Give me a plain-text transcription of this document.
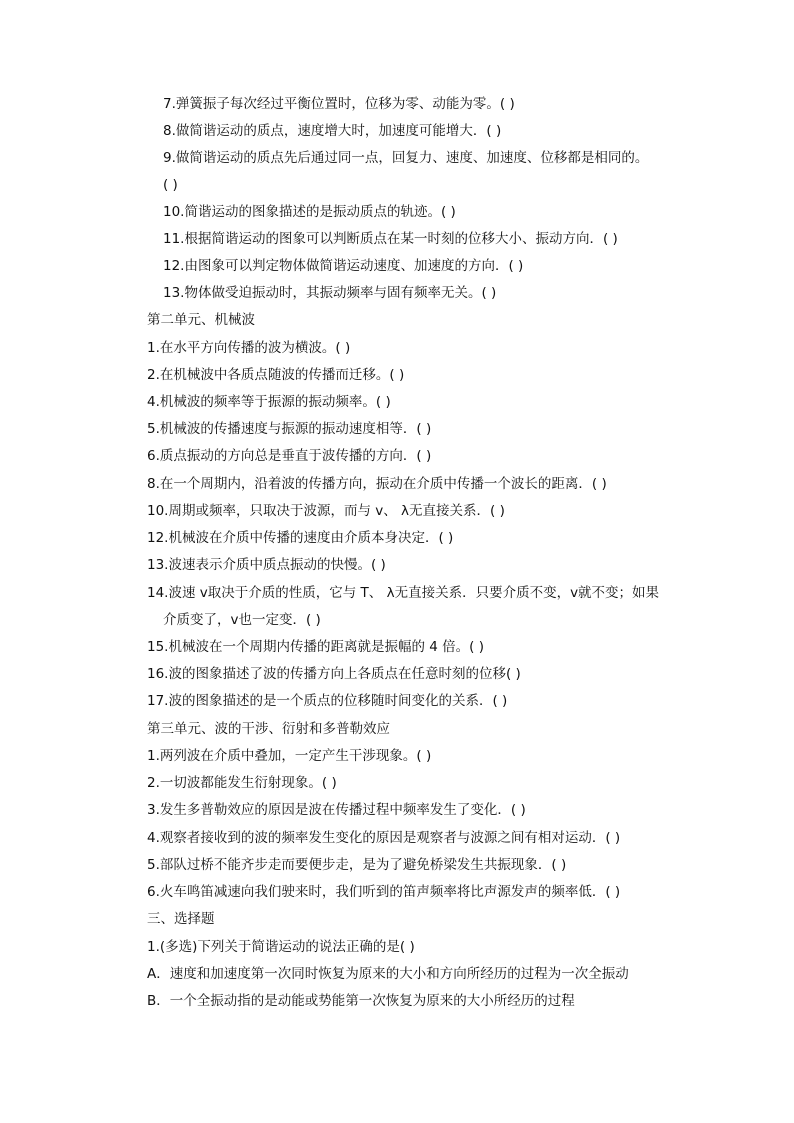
7.弹簧振子每次经过平衡位置时，位移为零、动能为零。( )
8.做简谐运动的质点，速度增大时，加速度可能增大．( )
9.做简谐运动的质点先后通过同一点，回复力、速度、加速度、位移都是相同的。
( )
10.简谐运动的图象描述的是振动质点的轨迹。( )
11.根据简谐运动的图象可以判断质点在某一时刻的位移大小、振动方向．( )
12.由图象可以判定物体做简谐运动速度、加速度的方向．( )
13.物体做受迫振动时，其振动频率与固有频率无关。( )
第二单元、机械波
1.在水平方向传播的波为横波。( )
2.在机械波中各质点随波的传播而迁移。( )
4.机械波的频率等于振源的振动频率。( )
5.机械波的传播速度与振源的振动速度相等．( )
6.质点振动的方向总是垂直于波传播的方向．( )
8.在一个周期内，沿着波的传播方向，振动在介质中传播一个波长的距离．( )
10.周期或频率，只取决于波源，而与 v、 λ无直接关系．( )
12.机械波在介质中传播的速度由介质本身决定．( )
13.波速表示介质中质点振动的快慢。( )
14.波速 v取决于介质的性质，它与 T、 λ无直接关系．只要介质不变，v就不变；如果
介质变了，v也一定变．( )
15.机械波在一个周期内传播的距离就是振幅的 4 倍。( )
16.波的图象描述了波的传播方向上各质点在任意时刻的位移( )
17.波的图象描述的是一个质点的位移随时间变化的关系．( )
第三单元、波的干涉、衍射和多普勒效应
1.两列波在介质中叠加，一定产生干涉现象。( )
2.一切波都能发生衍射现象。( )
3.发生多普勒效应的原因是波在传播过程中频率发生了变化．( )
4.观察者接收到的波的频率发生变化的原因是观察者与波源之间有相对运动．( )
5.部队过桥不能齐步走而要便步走，是为了避免桥梁发生共振现象．( )
6.火车鸣笛减速向我们驶来时，我们听到的笛声频率将比声源发声的频率低．( )
三、选择题
1.(多选)下列关于简谐运动的说法正确的是( )
A．速度和加速度第一次同时恢复为原来的大小和方向所经历的过程为一次全振动
B．一个全振动指的是动能或势能第一次恢复为原来的大小所经历的过程
